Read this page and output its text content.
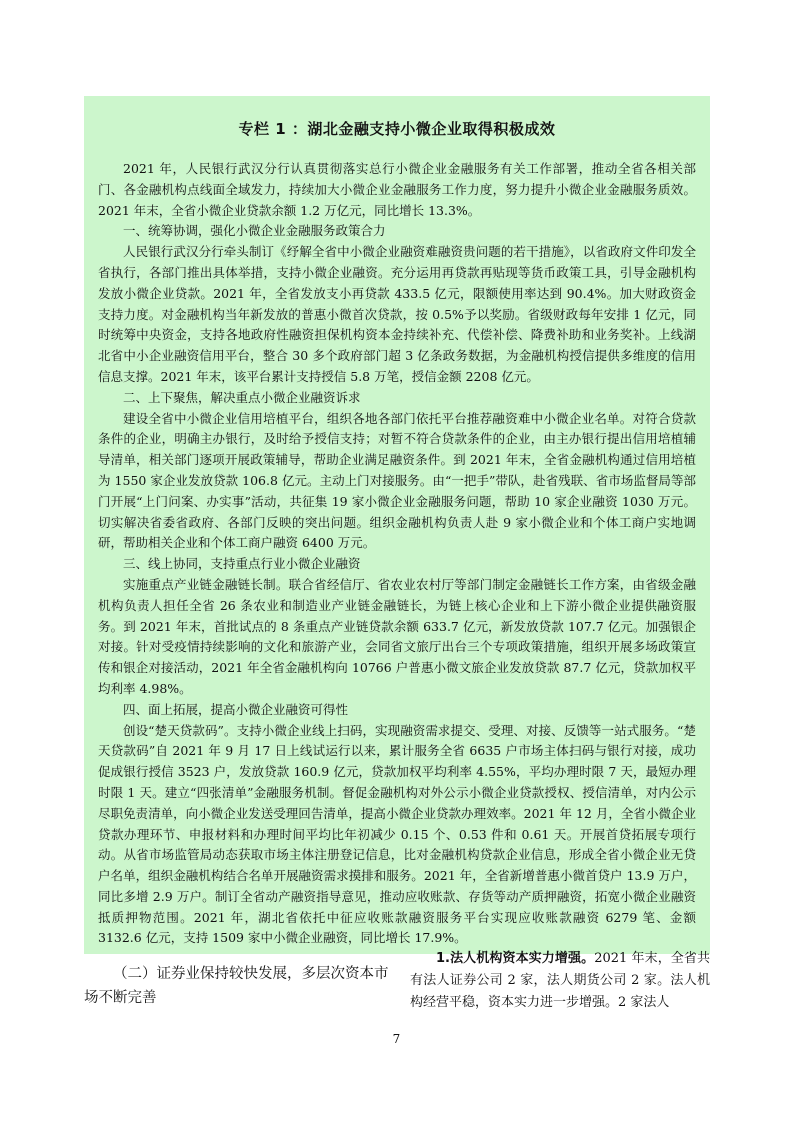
专栏 1 ：湖北金融支持小微企业取得积极成效

2021 年，人民银行武汉分行认真贯彻落实总行小微企业金融服务有关工作部署，推动全省各相关部门、各金融机构点线面全域发力，持续加大小微企业金融服务工作力度，努力提升小微企业金融服务质效。2021 年末，全省小微企业贷款余额 1.2 万亿元，同比增长 13.3%。

一、统筹协调，强化小微企业金融服务政策合力

人民银行武汉分行牵头制订《纾解全省中小微企业融资难融资贵问题的若干措施》，以省政府文件印发全省执行，各部门推出具体举措，支持小微企业融资。充分运用再贷款再贴现等货币政策工具，引导金融机构发放小微企业贷款。2021 年，全省发放支小再贷款 433.5 亿元，限额使用率达到 90.4%。加大财政资金支持力度。对金融机构当年新发放的普惠小微首次贷款，按 0.5%予以奖励。省级财政每年安排 1 亿元，同时统筹中央资金，支持各地政府性融资担保机构资本金持续补充、代偿补偿、降费补助和业务奖补。上线湖北省中小企业融资信用平台，整合 30 多个政府部门超 3 亿条政务数据，为金融机构授信提供多维度的信用信息支撑。2021 年末，该平台累计支持授信 5.8 万笔，授信金额 2208 亿元。

二、上下聚焦，解决重点小微企业融资诉求

建设全省中小微企业信用培植平台，组织各地各部门依托平台推荐融资难中小微企业名单。对符合贷款条件的企业，明确主办银行，及时给予授信支持；对暂不符合贷款条件的企业，由主办银行提出信用培植辅导清单，相关部门逐项开展政策辅导，帮助企业满足融资条件。到 2021 年末，全省金融机构通过信用培植为 1550 家企业发放贷款 106.8 亿元。主动上门对接服务。由“一把手”带队，赴省残联、省市场监督局等部门开展“上门问案、办实事”活动，共征集 19 家小微企业金融服务问题，帮助 10 家企业融资 1030 万元。切实解决省委省政府、各部门反映的突出问题。组织金融机构负责人赴 9 家小微企业和个体工商户实地调研，帮助相关企业和个体工商户融资 6400 万元。

三、线上协同，支持重点行业小微企业融资

实施重点产业链金融链长制。联合省经信厅、省农业农村厅等部门制定金融链长工作方案，由省级金融机构负责人担任全省 26 条农业和制造业产业链金融链长，为链上核心企业和上下游小微企业提供融资服务。到 2021 年末，首批试点的 8 条重点产业链贷款余额 633.7 亿元，新发放贷款 107.7 亿元。加强银企对接。针对受疫情持续影响的文化和旅游产业，会同省文旅厅出台三个专项政策措施，组织开展多场政策宣传和银企对接活动，2021 年全省金融机构向 10766 户普惠小微文旅企业发放贷款 87.7 亿元，贷款加权平均利率 4.98%。

四、面上拓展，提高小微企业融资可得性

创设“楚天贷款码”。支持小微企业线上扫码，实现融资需求提交、受理、对接、反馈等一站式服务。“楚天贷款码”自 2021 年 9 月 17 日上线试运行以来，累计服务全省 6635 户市场主体扫码与银行对接，成功促成银行授信 3523 户，发放贷款 160.9 亿元，贷款加权平均利率 4.55%，平均办理时限 7 天，最短办理时限 1 天。建立“四张清单”金融服务机制。督促金融机构对外公示小微企业贷款授权、授信清单，对内公示尽职免责清单，向小微企业发送受理回告清单，提高小微企业贷款办理效率。2021 年 12 月，全省小微企业贷款办理环节、申报材料和办理时间平均比年初减少 0.15 个、0.53 件和 0.61 天。开展首贷拓展专项行动。从省市场监管局动态获取市场主体注册登记信息，比对金融机构贷款企业信息，形成全省小微企业无贷户名单，组织金融机构结合名单开展融资需求摸排和服务。2021 年，全省新增普惠小微首贷户 13.9 万户，同比多增 2.9 万户。制订全省动产融资指导意见，推动应收账款、存货等动产质押融资，拓宽小微企业融资抵质押物范围。2021 年，湖北省依托中征应收账款融资服务平台实现应收账款融资 6279 笔、金额 3132.6 亿元，支持 1509 家中小微企业融资，同比增长 17.9%。

（二）证券业保持较快发展，多层次资本市场不断完善
1.法人机构资本实力增强。2021 年末，全省共有法人证券公司 2 家，法人期货公司 2 家。法人机构经营平稳，资本实力进一步增强。2 家法人
7
